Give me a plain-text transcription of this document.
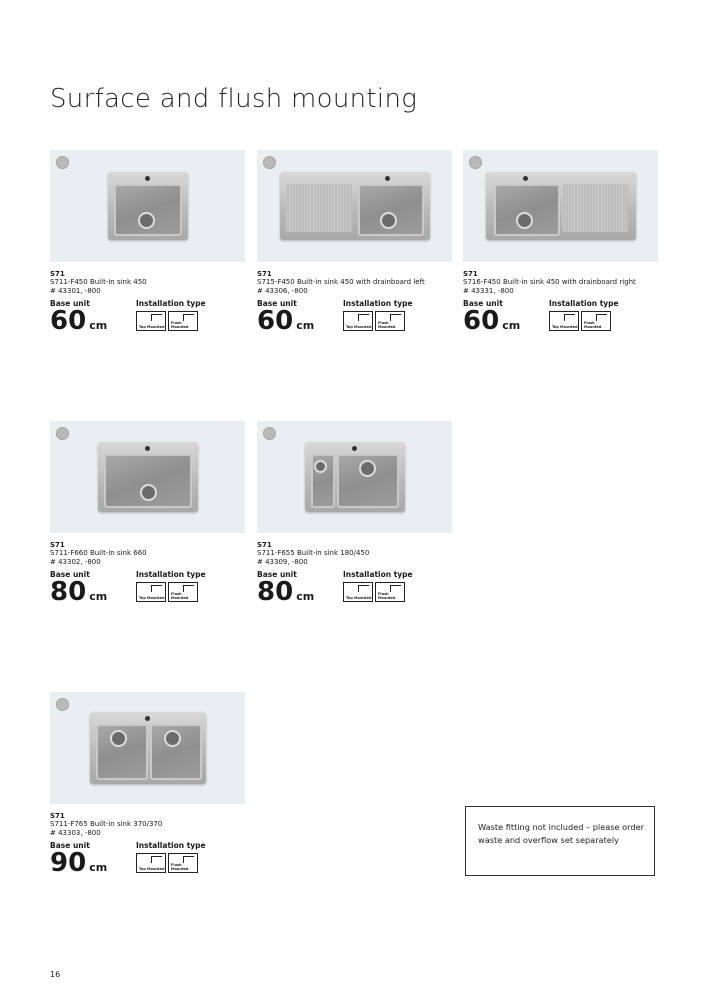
Surface and flush mounting
S71
S711-F450 Built-in sink 450
# 43301, -800
Base unit
60 cm
Installation type
Top Mounted
Flush Mounted
S71
S715-F450 Built-in sink 450 with drainboard left
# 43306, -800
Base unit
60 cm
Installation type
Top Mounted
Flush Mounted
S71
S716-F450 Built-in sink 450 with drainboard right
# 43331, -800
Base unit
60 cm
Installation type
Top Mounted
Flush Mounted
S71
S711-F660 Built-in sink 660
# 43302, -800
Base unit
80 cm
Installation type
Top Mounted
Flush Mounted
S71
S711-F655 Built-in sink 180/450
# 43309, -800
Base unit
80 cm
Installation type
Top Mounted
Flush Mounted
S71
S711-F765 Built-in sink 370/370
# 43303, -800
Base unit
90 cm
Installation type
Top Mounted
Flush Mounted
Waste fitting not included – please order waste and overflow set separately
16
